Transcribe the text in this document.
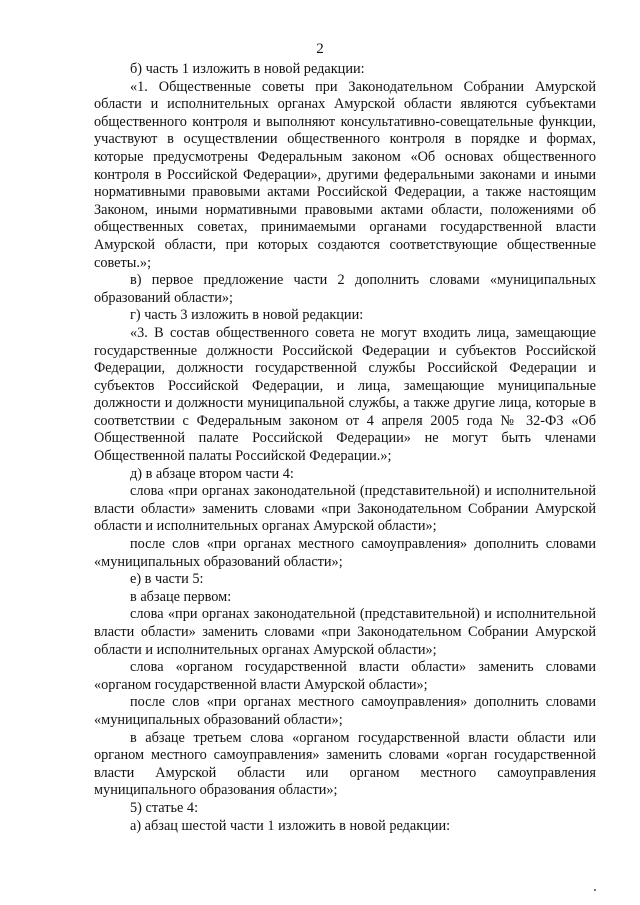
2

б) часть 1 изложить в новой редакции:

«1. Общественные советы при Законодательном Собрании Амурской области и исполнительных органах Амурской области являются субъектами общественного контроля и выполняют консультативно-совещательные функции, участвуют в осуществлении общественного контроля в порядке и формах, которые предусмотрены Федеральным законом «Об основах общественного контроля в Российской Федерации», другими федеральными законами и иными нормативными правовыми актами Российской Федерации, а также настоящим Законом, иными нормативными правовыми актами области, положениями об общественных советах, принимаемыми органами государственной власти Амурской области, при которых создаются соответствующие общественные советы.»;

в) первое предложение части 2 дополнить словами «муниципальных образований области»;

г) часть 3 изложить в новой редакции:

«3. В состав общественного совета не могут входить лица, замещающие государственные должности Российской Федерации и субъектов Российской Федерации, должности государственной службы Российской Федерации и субъектов Российской Федерации, и лица, замещающие муниципальные должности и должности муниципальной службы, а также другие лица, которые в соответствии с Федеральным законом от 4 апреля 2005 года № 32-ФЗ «Об Общественной палате Российской Федерации» не могут быть членами Общественной палаты Российской Федерации.»;

д) в абзаце втором части 4:

слова «при органах законодательной (представительной) и исполнительной власти области» заменить словами «при Законодательном Собрании Амурской области и исполнительных органах Амурской области»;

после слов «при органах местного самоуправления» дополнить словами «муниципальных образований области»;

е) в части 5:

в абзаце первом:

слова «при органах законодательной (представительной) и исполнительной власти области» заменить словами «при Законодательном Собрании Амурской области и исполнительных органах Амурской области»;

слова «органом государственной власти области» заменить словами «органом государственной власти Амурской области»;

после слов «при органах местного самоуправления» дополнить словами «муниципальных образований области»;

в абзаце третьем слова «органом государственной власти области или органом местного самоуправления» заменить словами «орган государственной власти Амурской области или органом местного самоуправления муниципального образования области»;

5) статье 4:

а) абзац шестой части 1 изложить в новой редакции:
